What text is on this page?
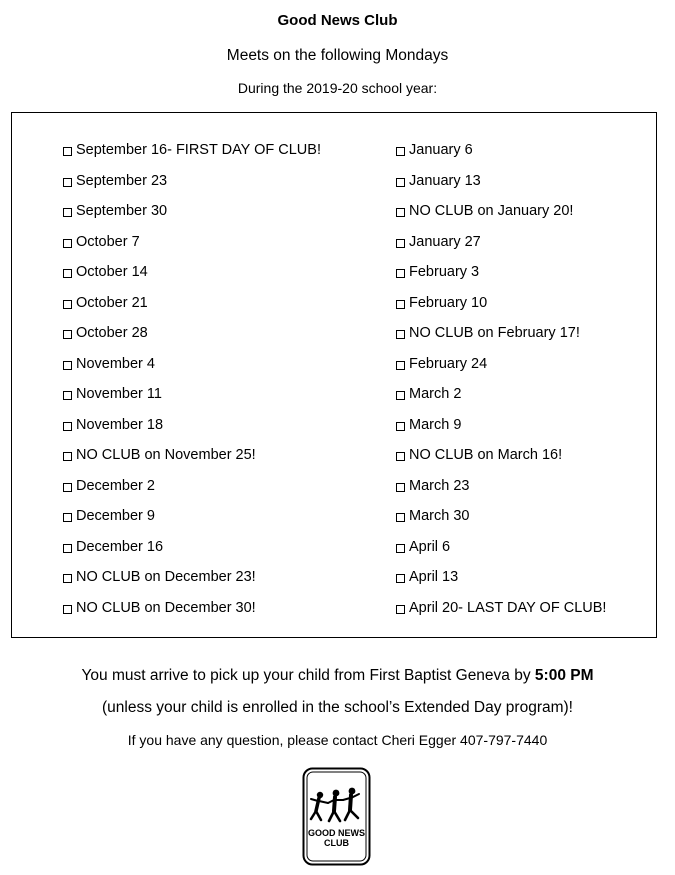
Good News Club
Meets on the following Mondays
During the 2019-20 school year:
September 16- FIRST DAY OF CLUB!
September 23
September 30
October 7
October 14
October 21
October 28
November 4
November 11
November 18
NO CLUB on November 25!
December 2
December 9
December 16
NO CLUB on December 23!
NO CLUB on December 30!
January 6
January 13
NO CLUB on January 20!
January 27
February 3
February 10
NO CLUB on February 17!
February 24
March 2
March 9
NO CLUB on March 16!
March 23
March 30
April 6
April 13
April 20- LAST DAY OF CLUB!
You must arrive to pick up your child from First Baptist Geneva by 5:00 PM
(unless your child is enrolled in the school’s Extended Day program)!
If you have any question, please contact Cheri Egger 407-797-7440
GOOD NEWS
CLUB
